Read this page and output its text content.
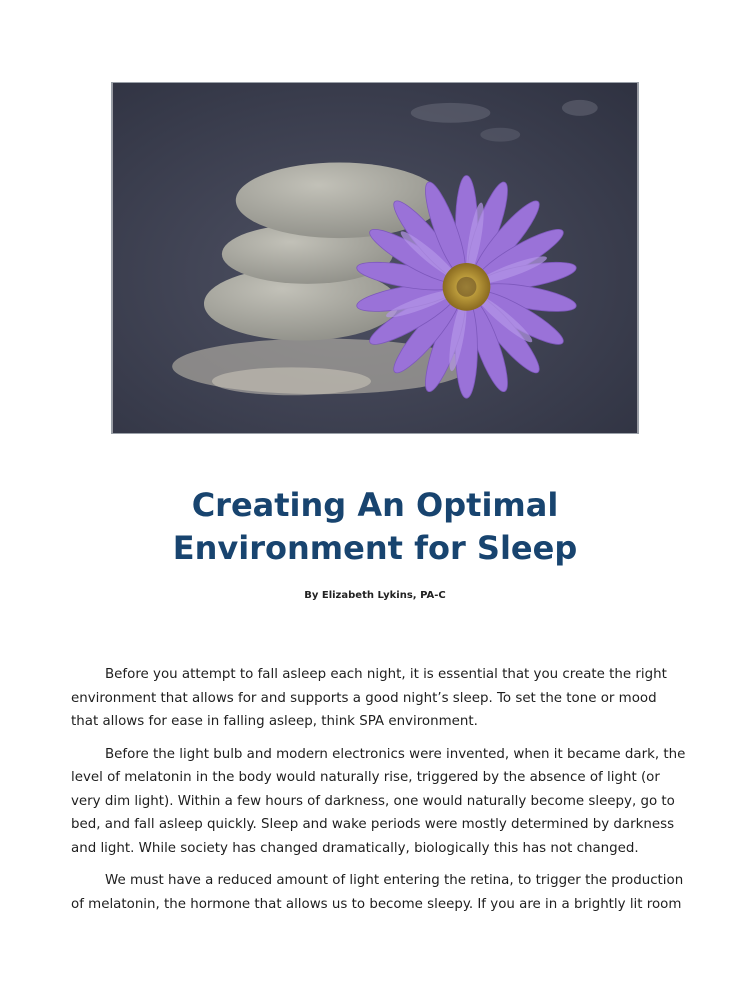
Creating An Optimal
Environment for Sleep
By Elizabeth Lykins, PA-C

Before you attempt to fall asleep each night, it is essential that you create the right
environment that allows for and supports a good night’s sleep. To set the tone or mood
that allows for ease in falling asleep, think SPA environment.

Before the light bulb and modern electronics were invented, when it became dark, the
level of melatonin in the body would naturally rise, triggered by the absence of light (or
very dim light). Within a few hours of darkness, one would naturally become sleepy, go to
bed, and fall asleep quickly. Sleep and wake periods were mostly determined by darkness
and light. While society has changed dramatically, biologically this has not changed.

We must have a reduced amount of light entering the retina, to trigger the production
of melatonin, the hormone that allows us to become sleepy. If you are in a brightly lit room
